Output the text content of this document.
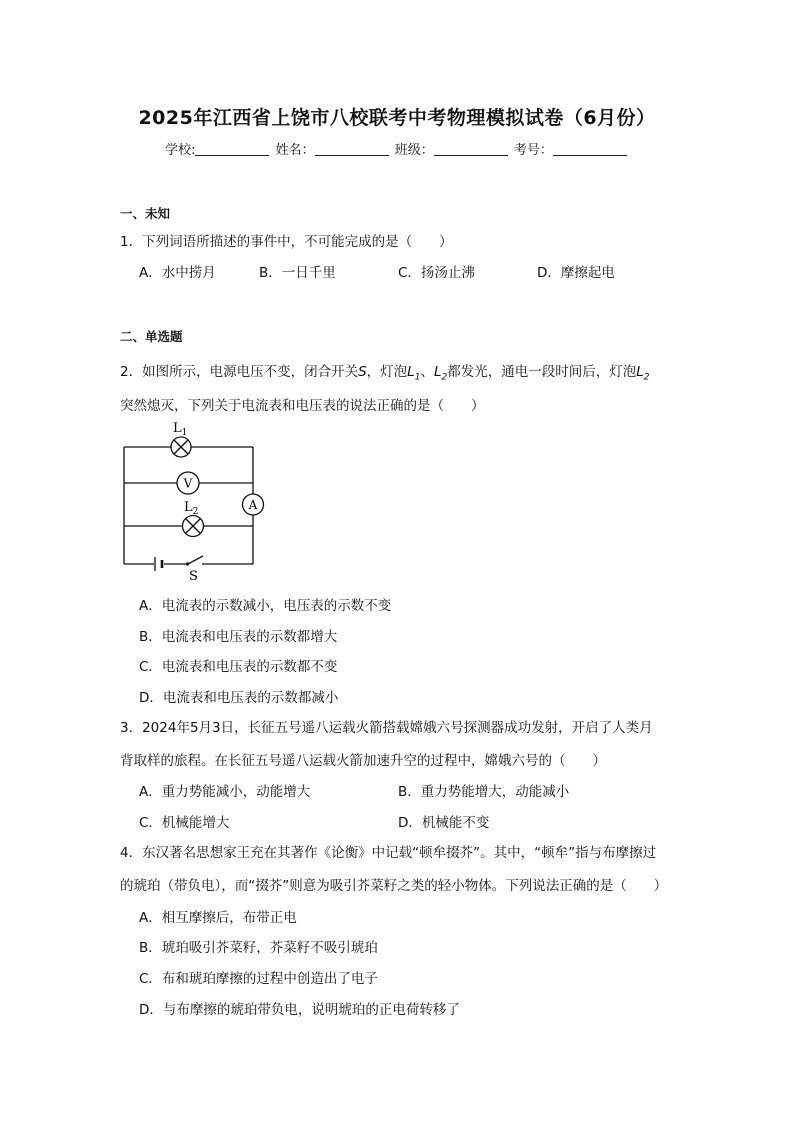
2025年江西省上饶市八校联考中考物理模拟试卷（6月份）
学校:	姓名：	班级：	考号：
一、未知
1．下列词语所描述的事件中，不可能完成的是（　　）
A．水中捞月	B．一日千里	C．扬汤止沸	D．摩擦起电
二、单选题
2．如图所示，电源电压不变，闭合开关S，灯泡$L_1$、$L_2$都发光，通电一段时间后，灯泡$L_2$
突然熄灭，下列关于电流表和电压表的说法正确的是（　　）
$L_1$
V
A
$L_2$
S
A．电流表的示数减小，电压表的示数不变
B．电流表和电压表的示数都增大
C．电流表和电压表的示数都不变
D．电流表和电压表的示数都减小
3．2024年5月3日，长征五号遥八运载火箭搭载嫦娥六号探测器成功发射，开启了人类月
背取样的旅程。在长征五号遥八运载火箭加速升空的过程中，嫦娥六号的（　　）
A．重力势能减小，动能增大	B．重力势能增大，动能减小
C．机械能增大	D．机械能不变
4．东汉著名思想家王充在其著作《论衡》中记载“顿牟掇芥”。其中，“顿牟”指与布摩擦过
的琥珀（带负电），而“掇芥”则意为吸引芥菜籽之类的轻小物体。下列说法正确的是（　　）
A．相互摩擦后，布带正电
B．琥珀吸引芥菜籽，芥菜籽不吸引琥珀
C．布和琥珀摩擦的过程中创造出了电子
D．与布摩擦的琥珀带负电，说明琥珀的正电荷转移了
